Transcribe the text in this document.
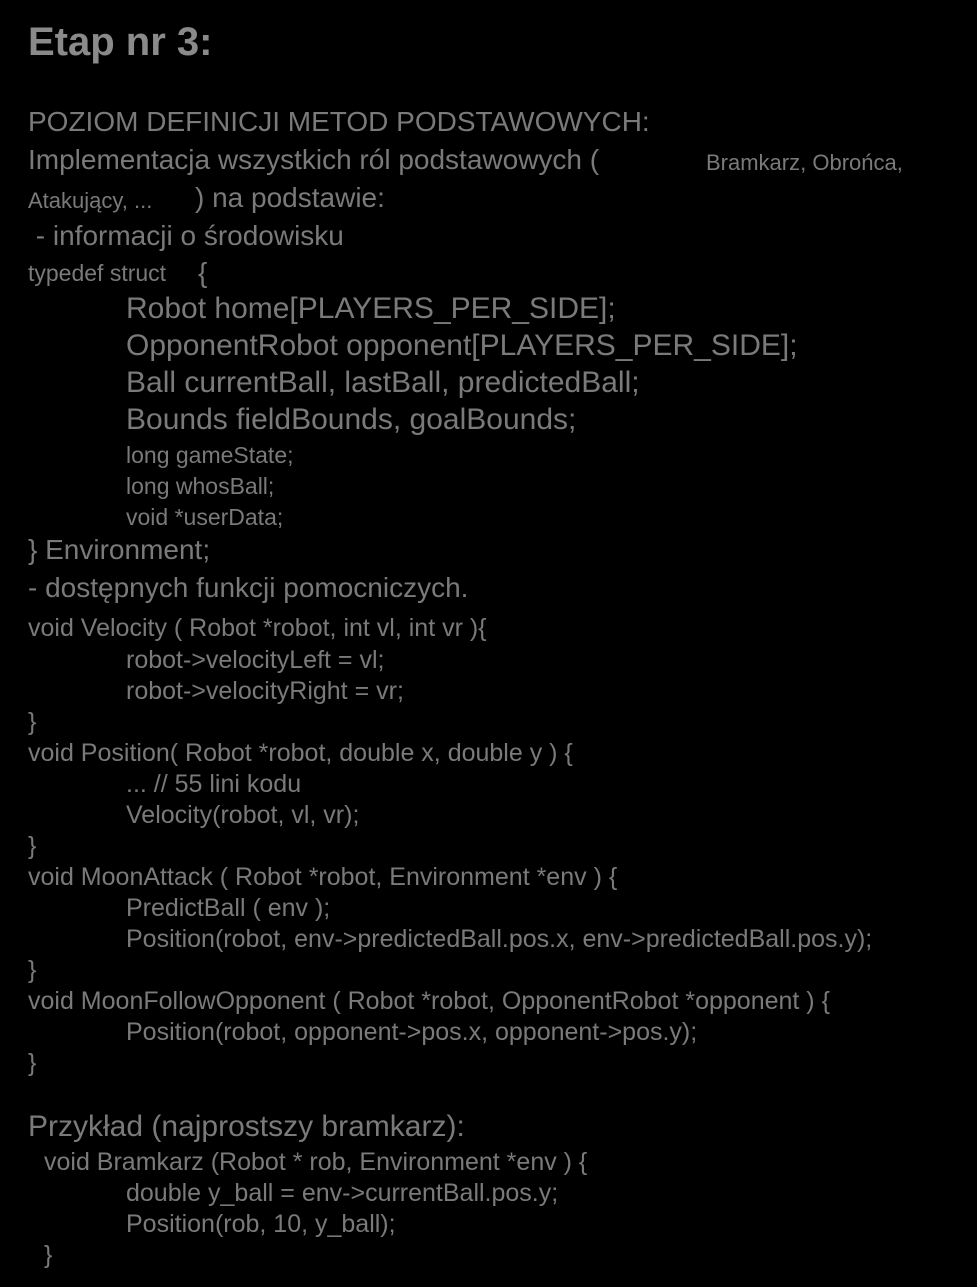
Etap nr 3:
POZIOM DEFINICJI METOD PODSTAWOWYCH:
Implementacja wszystkich ról podstawowych (	Bramkarz, Obrońca,
Atakujący, ... ) na podstawie:
- informacji o środowisku
typedef struct {
Robot home[PLAYERS_PER_SIDE];
OpponentRobot opponent[PLAYERS_PER_SIDE];
Ball currentBall, lastBall, predictedBall;
Bounds fieldBounds, goalBounds;
long gameState;
long whosBall;
void *userData;
} Environment;
- dostępnych funkcji pomocniczych.
void Velocity ( Robot *robot, int vl, int vr ){
robot->velocityLeft = vl;
robot->velocityRight = vr;
}
void Position( Robot *robot, double x, double y ) {
... // 55 lini kodu
Velocity(robot, vl, vr);
}
void MoonAttack ( Robot *robot, Environment *env ) {
PredictBall ( env );
Position(robot, env->predictedBall.pos.x, env->predictedBall.pos.y);
}
void MoonFollowOpponent ( Robot *robot, OpponentRobot *opponent ) {
Position(robot, opponent->pos.x, opponent->pos.y);
}
Przykład (najprostszy bramkarz):
void Bramkarz (Robot * rob, Environment *env ) {
double y_ball = env->currentBall.pos.y;
Position(rob, 10, y_ball);
}
